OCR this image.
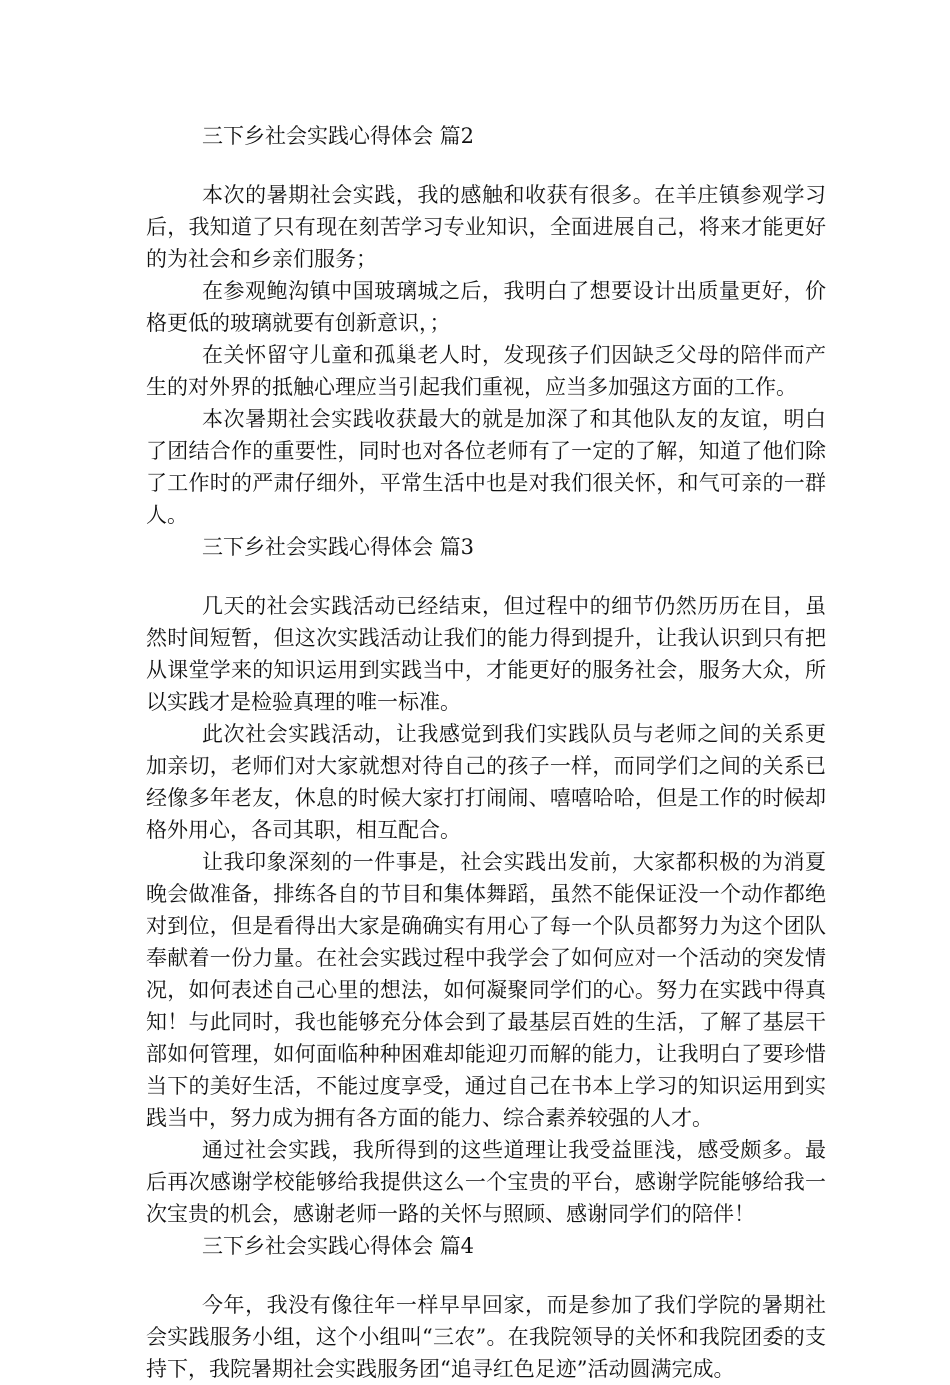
三下乡社会实践心得体会 篇2

本次的暑期社会实践，我的感触和收获有很多。在羊庄镇参观学习后，我知道了只有现在刻苦学习专业知识，全面进展自己，将来才能更好的为社会和乡亲们服务；

在参观鲍沟镇中国玻璃城之后，我明白了想要设计出质量更好，价格更低的玻璃就要有创新意识，；

在关怀留守儿童和孤巢老人时，发现孩子们因缺乏父母的陪伴而产生的对外界的抵触心理应当引起我们重视，应当多加强这方面的工作。

本次暑期社会实践收获最大的就是加深了和其他队友的友谊，明白了团结合作的重要性，同时也对各位老师有了一定的了解，知道了他们除了工作时的严肃仔细外，平常生活中也是对我们很关怀，和气可亲的一群人。

三下乡社会实践心得体会 篇3

几天的社会实践活动已经结束，但过程中的细节仍然历历在目，虽然时间短暂，但这次实践活动让我们的能力得到提升，让我认识到只有把从课堂学来的知识运用到实践当中，才能更好的服务社会，服务大众，所以实践才是检验真理的唯一标准。

此次社会实践活动，让我感觉到我们实践队员与老师之间的关系更加亲切，老师们对大家就想对待自己的孩子一样，而同学们之间的关系已经像多年老友，休息的时候大家打打闹闹、嘻嘻哈哈，但是工作的时候却格外用心，各司其职，相互配合。

让我印象深刻的一件事是，社会实践出发前，大家都积极的为消夏晚会做准备，排练各自的节目和集体舞蹈，虽然不能保证没一个动作都绝对到位，但是看得出大家是确确实有用心了每一个队员都努力为这个团队奉献着一份力量。在社会实践过程中我学会了如何应对一个活动的突发情况，如何表述自己心里的想法，如何凝聚同学们的心。努力在实践中得真知！与此同时，我也能够充分体会到了最基层百姓的生活，了解了基层干部如何管理，如何面临种种困难却能迎刃而解的能力，让我明白了要珍惜当下的美好生活，不能过度享受，通过自己在书本上学习的知识运用到实践当中，努力成为拥有各方面的能力、综合素养较强的人才。

通过社会实践，我所得到的这些道理让我受益匪浅，感受颇多。最后再次感谢学校能够给我提供这么一个宝贵的平台，感谢学院能够给我一次宝贵的机会，感谢老师一路的关怀与照顾、感谢同学们的陪伴！

三下乡社会实践心得体会 篇4

今年，我没有像往年一样早早回家，而是参加了我们学院的暑期社会实践服务小组，这个小组叫“三农”。在我院领导的关怀和我院团委的支持下，我院暑期社会实践服务团“追寻红色足迹”活动圆满完成。
